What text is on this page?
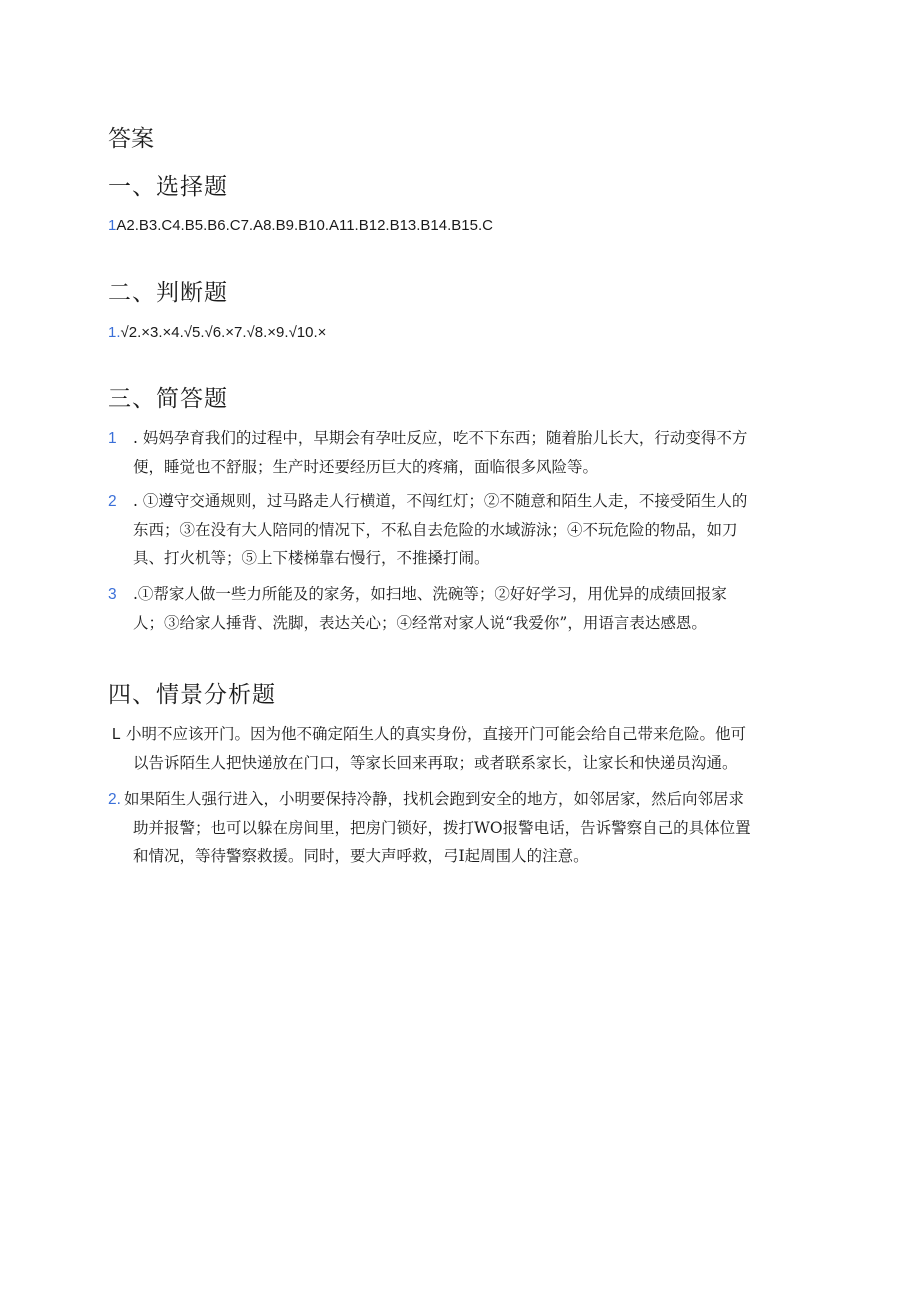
答案
一、选择题
1A2.B3.C4.B5.B6.C7.A8.B9.B10.A11.B12.B13.B14.B15.C
二、判断题
1.√2.×3.×4.√5.√6.×7.√8.×9.√10.×
三、简答题
1 . 妈妈孕育我们的过程中，早期会有孕吐反应，吃不下东西；随着胎儿长大，行动变得不方
便，睡觉也不舒服；生产时还要经历巨大的疼痛，面临很多风险等。
2 . ①遵守交通规则，过马路走人行横道，不闯红灯；②不随意和陌生人走，不接受陌生人的
东西；③在没有大人陪同的情况下，不私自去危险的水域游泳；④不玩危险的物品，如刀
具、打火机等；⑤上下楼梯靠右慢行，不推搡打闹。
3 .①帮家人做一些力所能及的家务，如扫地、洗碗等；②好好学习，用优异的成绩回报家
人；③给家人捶背、洗脚，表达关心；④经常对家人说“我爱你”，用语言表达感恩。
四、情景分析题
L 小明不应该开门。因为他不确定陌生人的真实身份，直接开门可能会给自己带来危险。他可
以告诉陌生人把快递放在门口，等家长回来再取；或者联系家长，让家长和快递员沟通。
2. 如果陌生人强行进入，小明要保持冷静，找机会跑到安全的地方，如邻居家，然后向邻居求
助并报警；也可以躲在房间里，把房门锁好，拨打WO报警电话，告诉警察自己的具体位置
和情况，等待警察救援。同时，要大声呼救，弓I起周围人的注意。
